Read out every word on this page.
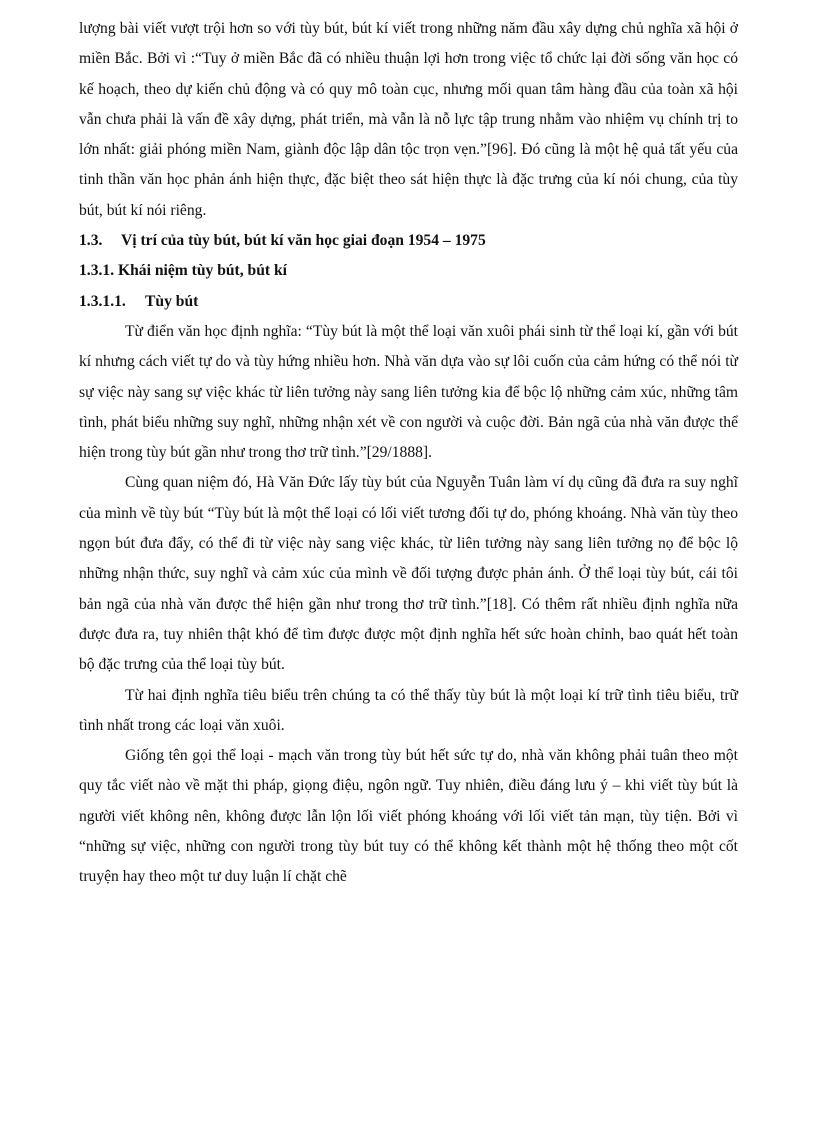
lượng bài viết vượt trội hơn so với tùy bút, bút kí viết trong những năm đầu xây dựng chủ nghĩa xã hội ở miền Bắc. Bởi vì :“Tuy ở miền Bắc đã có nhiều thuận lợi hơn trong việc tổ chức lại đời sống văn học có kế hoạch, theo dự kiến chủ động và có quy mô toàn cục, nhưng mối quan tâm hàng đầu của toàn xã hội vẫn chưa phải là vấn đề xây dựng, phát triển, mà vẫn là nỗ lực tập trung nhằm vào nhiệm vụ chính trị to lớn nhất: giải phóng miền Nam, giành độc lập dân tộc trọn vẹn.”[96]. Đó cũng là một hệ quả tất yếu của tinh thần văn học phản ánh hiện thực, đặc biệt theo sát hiện thực là đặc trưng của kí nói chung, của tùy bút, bút kí nói riêng.

1.3. Vị trí của tùy bút, bút kí văn học giai đoạn 1954 – 1975

1.3.1. Khái niệm tùy bút, bút kí

1.3.1.1. Tùy bút

Từ điển văn học định nghĩa: “Tùy bút là một thể loại văn xuôi phái sinh từ thể loại kí, gần với bút kí nhưng cách viết tự do và tùy hứng nhiều hơn. Nhà văn dựa vào sự lôi cuốn của cảm hứng có thể nói từ sự việc này sang sự việc khác từ liên tưởng này sang liên tưởng kia để bộc lộ những cảm xúc, những tâm tình, phát biểu những suy nghĩ, những nhận xét về con người và cuộc đời. Bản ngã của nhà văn được thể hiện trong tùy bút gần như trong thơ trữ tình.”[29/1888].

Cùng quan niệm đó, Hà Văn Đức lấy tùy bút của Nguyễn Tuân làm ví dụ cũng đã đưa ra suy nghĩ của mình về tùy bút “Tùy bút là một thể loại có lối viết tương đối tự do, phóng khoáng. Nhà văn tùy theo ngọn bút đưa đẩy, có thể đi từ việc này sang việc khác, từ liên tưởng này sang liên tưởng nọ để bộc lộ những nhận thức, suy nghĩ và cảm xúc của mình về đối tượng được phản ánh. Ở thể loại tùy bút, cái tôi bản ngã của nhà văn được thể hiện gần như trong thơ trữ tình.”[18]. Có thêm rất nhiều định nghĩa nữa được đưa ra, tuy nhiên thật khó để tìm được được một định nghĩa hết sức hoàn chỉnh, bao quát hết toàn bộ đặc trưng của thể loại tùy bút.

Từ hai định nghĩa tiêu biểu trên chúng ta có thể thấy tùy bút là một loại kí trữ tình tiêu biểu, trữ tình nhất trong các loại văn xuôi.

Giống tên gọi thể loại - mạch văn trong tùy bút hết sức tự do, nhà văn không phải tuân theo một quy tắc viết nào về mặt thi pháp, giọng điệu, ngôn ngữ. Tuy nhiên, điều đáng lưu ý – khi viết tùy bút là người viết không nên, không được lẫn lộn lối viết phóng khoáng với lối viết tản mạn, tùy tiện. Bởi vì “những sự việc, những con người trong tùy bút tuy có thể không kết thành một hệ thống theo một cốt truyện hay theo một tư duy luận lí chặt chẽ
